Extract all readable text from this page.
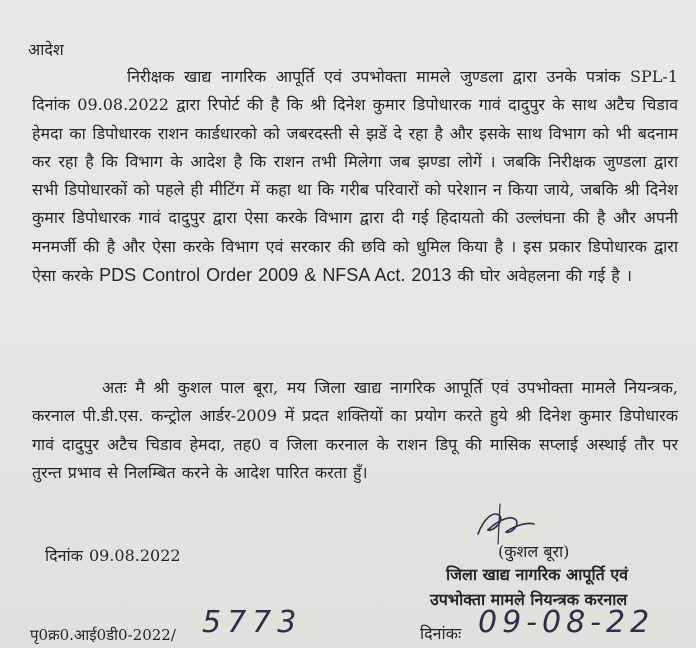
आदेश

निरीक्षक खाद्य नागरिक आपूर्ति एवं उपभोक्ता मामले जुण्डला द्वारा उनके पत्रांक SPL-1 दिनांक 09.08.2022 द्वारा रिपोर्ट की है कि श्री दिनेश कुमार डिपोधारक गावं दादुपुर के साथ अटैच चिडाव हेमदा का डिपोधारक राशन कार्डधारको को जबरदस्ती से झडें दे रहा है और इसके साथ विभाग को भी बदनाम कर रहा है कि विभाग के आदेश है कि राशन तभी मिलेगा जब झण्डा लोगें । जबकि निरीक्षक जुण्डला द्वारा सभी डिपोधारकों को पहले ही मीटिंग में कहा था कि गरीब परिवारों को परेशान न किया जाये, जबकि श्री दिनेश कुमार डिपोधारक गावं दादुपुर द्वारा ऐसा करके विभाग द्वारा दी गई हिदायतो की उल्लंघना की है और अपनी मनमर्जी की है और ऐसा करके विभाग एवं सरकार की छवि को धुमिल किया है । इस प्रकार डिपोधारक द्वारा ऐसा करके PDS Control Order 2009 & NFSA Act. 2013 की घोर अवेहलना की गई है ।

अतः मै श्री कुशल पाल बूरा, मय जिला खाद्य नागरिक आपूर्ति एवं उपभोक्ता मामले नियन्त्रक, करनाल पी.डी.एस. कन्ट्रोल आर्डर-2009 में प्रदत शक्तियों का प्रयोग करते हुये श्री दिनेश कुमार डिपोधारक गावं दादुपुर अटैच चिडाव हेमदा, तह0 व जिला करनाल के राशन डिपू की मासिक सप्लाई अस्थाई तौर पर तुरन्त प्रभाव से निलम्बित करने के आदेश पारित करता हुँ।

दिनांक 09.08.2022	(कुशल बूरा)
जिला खाद्य नागरिक आपूर्ति एवं
उपभोक्ता मामले नियन्त्रक करनाल
पृ0क्र0.आई0डी0-2022/ 5773	दिनांकः 09-08-22
